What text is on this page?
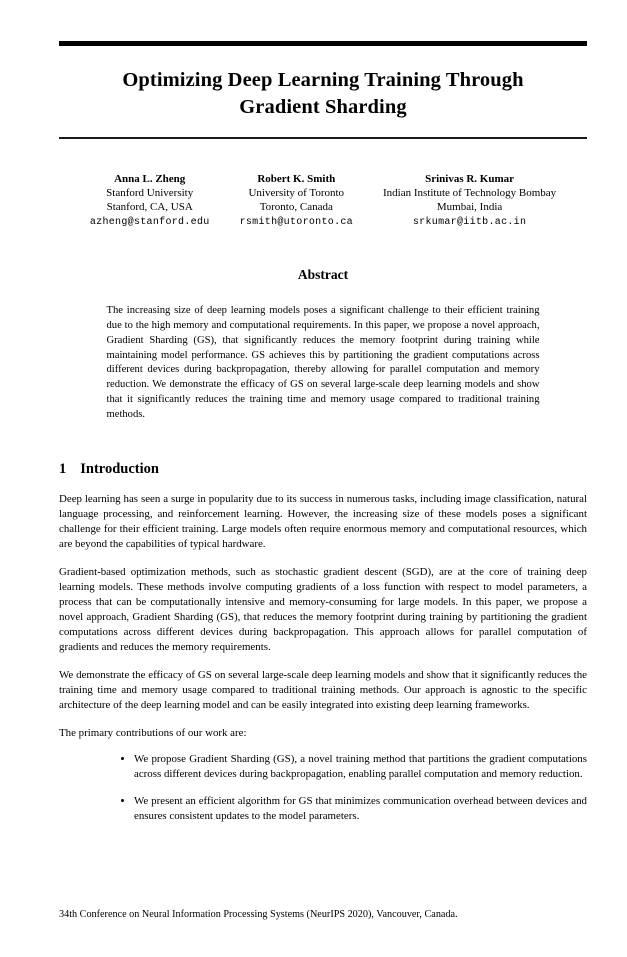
Optimizing Deep Learning Training Through
Gradient Sharding
Anna L. Zheng
Stanford University
Stanford, CA, USA
azheng@stanford.edu
Robert K. Smith
University of Toronto
Toronto, Canada
rsmith@utoronto.ca
Srinivas R. Kumar
Indian Institute of Technology Bombay
Mumbai, India
srkumar@iitb.ac.in
Abstract

The increasing size of deep learning models poses a significant challenge to their efficient training due to the high memory and computational requirements. In this paper, we propose a novel approach, Gradient Sharding (GS), that significantly reduces the memory footprint during training while maintaining model performance. GS achieves this by partitioning the gradient computations across different devices during backpropagation, thereby allowing for parallel computation and memory reduction. We demonstrate the efficacy of GS on several large-scale deep learning models and show that it significantly reduces the training time and memory usage compared to traditional training methods.

1 Introduction

Deep learning has seen a surge in popularity due to its success in numerous tasks, including image classification, natural language processing, and reinforcement learning. However, the increasing size of these models poses a significant challenge for their efficient training. Large models often require enormous memory and computational resources, which are beyond the capabilities of typical hardware.

Gradient-based optimization methods, such as stochastic gradient descent (SGD), are at the core of training deep learning models. These methods involve computing gradients of a loss function with respect to model parameters, a process that can be computationally intensive and memory-consuming for large models. In this paper, we propose a novel approach, Gradient Sharding (GS), that reduces the memory footprint during training by partitioning the gradient computations across different devices during backpropagation. This approach allows for parallel computation of gradients and reduces the memory requirements.

We demonstrate the efficacy of GS on several large-scale deep learning models and show that it significantly reduces the training time and memory usage compared to traditional training methods. Our approach is agnostic to the specific architecture of the deep learning model and can be easily integrated into existing deep learning frameworks.

The primary contributions of our work are:

• We propose Gradient Sharding (GS), a novel training method that partitions the gradient computations across different devices during backpropagation, enabling parallel computation and memory reduction.
• We present an efficient algorithm for GS that minimizes communication overhead between devices and ensures consistent updates to the model parameters.
34th Conference on Neural Information Processing Systems (NeurIPS 2020), Vancouver, Canada.
